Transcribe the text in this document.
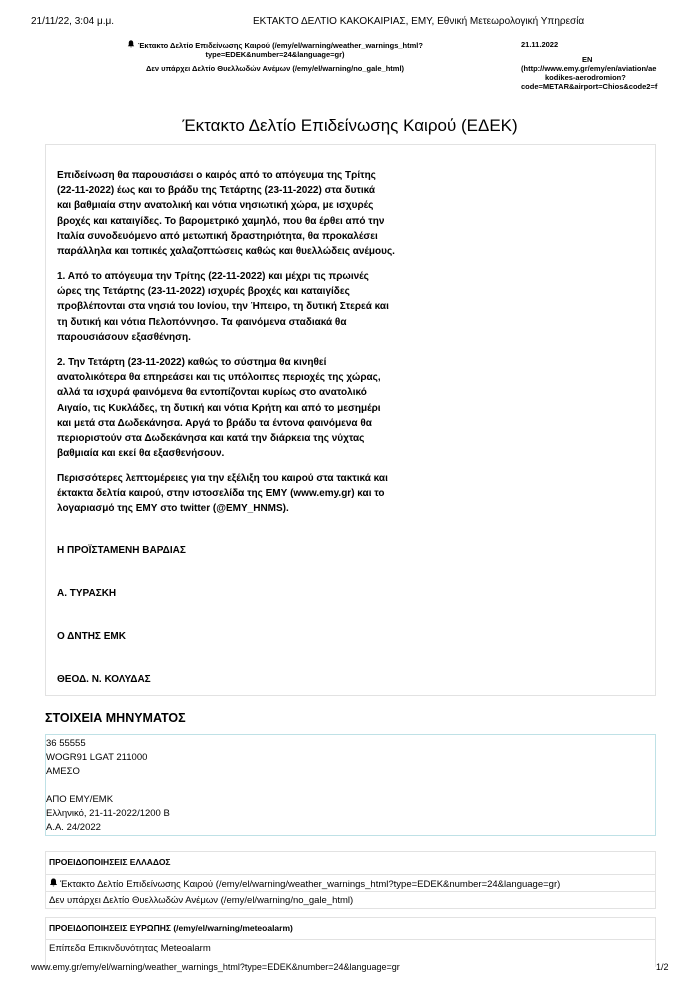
21/11/22, 3:04 μ.μ.	ΕΚΤΑΚΤΟ ΔΕΛΤΙΟ ΚΑΚΟΚΑΙΡΙΑΣ, ΕΜΥ, Εθνική Μετεωρολογική Υπηρεσία
Έκτακτο Δελτίο Επιδείνωσης Καιρού (/emy/el/warning/weather_warnings_html?
type=EDEK&number=24&language=gr)
Δεν υπάρχει Δελτίο Θυελλωδών Ανέμων (/emy/el/warning/no_gale_html)
21.11.2022
EN
(http://www.emy.gr/emy/en/aviation/ae
kodikes-aerodromion?
code=METAR&airport=Chios&code2=f
Έκτακτο Δελτίο Επιδείνωσης Καιρού (ΕΔΕΚ)
Επιδείνωση θα παρουσιάσει ο καιρός από το απόγευμα της Τρίτης
(22-11-2022) έως και το βράδυ της Τετάρτης (23-11-2022) στα δυτικά
και βαθμιαία στην ανατολική και νότια νησιωτική χώρα, με ισχυρές
βροχές και καταιγίδες. Το βαρομετρικό χαμηλό, που θα έρθει από την
Ιταλία συνοδευόμενο από μετωπική δραστηριότητα, θα προκαλέσει
παράλληλα και τοπικές χαλαζοπτώσεις καθώς και θυελλώδεις ανέμους.
1. Από το απόγευμα την Τρίτης (22-11-2022) και μέχρι τις πρωινές
ώρες της Τετάρτης (23-11-2022) ισχυρές βροχές και καταιγίδες
προβλέπονται στα νησιά του Ιονίου, την Ήπειρο, τη δυτική Στερεά και
τη δυτική και νότια Πελοπόννησο. Τα φαινόμενα σταδιακά θα
παρουσιάσουν εξασθένηση.
2. Την Τετάρτη (23-11-2022) καθώς το σύστημα θα κινηθεί
ανατολικότερα θα επηρεάσει και τις υπόλοιπες περιοχές της χώρας,
αλλά τα ισχυρά φαινόμενα θα εντοπίζονται κυρίως στο ανατολικό
Αιγαίο, τις Κυκλάδες, τη δυτική και νότια Κρήτη και από το μεσημέρι
και μετά στα Δωδεκάνησα. Αργά το βράδυ τα έντονα φαινόμενα θα
περιοριστούν στα Δωδεκάνησα και κατά την διάρκεια της νύχτας
βαθμιαία και εκεί θα εξασθενήσουν.
Περισσότερες λεπτομέρειες για την εξέλιξη του καιρού στα τακτικά και
έκτακτα δελτία καιρού, στην ιστοσελίδα της ΕΜΥ (www.emy.gr) και το
λογαριασμό της ΕΜΥ στο twitter (@EMY_HNMS).
Η ΠΡΟΪΣΤΑΜΕΝΗ ΒΑΡΔΙΑΣ
Α. ΤΥΡΑΣΚΗ
Ο ΔΝΤΗΣ ΕΜΚ
ΘΕΟΔ. Ν. ΚΟΛΥΔΑΣ
ΣΤΟΙΧΕΙΑ ΜΗΝΥΜΑΤΟΣ
36 55555
WOGR91 LGAT 211000
ΑΜΕΣΟ
ΑΠΟ ΕΜΥ/ΕΜΚ
Ελληνικό, 21-11-2022/1200 Β
Α.Α. 24/2022
ΠΡΟΕΙΔΟΠΟΙΗΣΕΙΣ ΕΛΛΑΔΟΣ
Έκτακτο Δελτίο Επιδείνωσης Καιρού (/emy/el/warning/weather_warnings_html?type=EDEK&number=24&language=gr)
Δεν υπάρχει Δελτίο Θυελλωδών Ανέμων (/emy/el/warning/no_gale_html)
ΠΡΟΕΙΔΟΠΟΙΗΣΕΙΣ ΕΥΡΩΠΗΣ (/emy/el/warning/meteoalarm)
Επίπεδα Επικινδυνότητας Meteoalarm
www.emy.gr/emy/el/warning/weather_warnings_html?type=EDEK&number=24&language=gr	1/2
